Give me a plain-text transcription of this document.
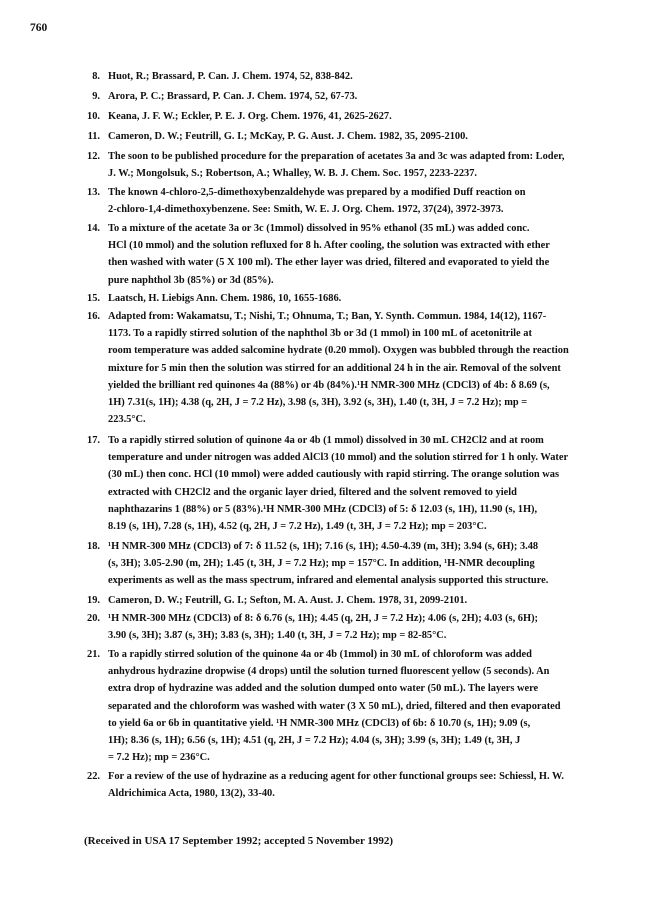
760
8. Huot, R.; Brassard, P. Can. J. Chem. 1974, 52, 838-842.
9. Arora, P. C.; Brassard, P. Can. J. Chem. 1974, 52, 67-73.
10. Keana, J. F. W.; Eckler, P. E. J. Org. Chem. 1976, 41, 2625-2627.
11. Cameron, D. W.; Feutrill, G. I.; McKay, P. G. Aust. J. Chem. 1982, 35, 2095-2100.
12. The soon to be published procedure for the preparation of acetates 3a and 3c was adapted from: Loder,
J. W.; Mongolsuk, S.; Robertson, A.; Whalley, W. B. J. Chem. Soc. 1957, 2233-2237.
13. The known 4-chloro-2,5-dimethoxybenzaldehyde was prepared by a modified Duff reaction on
2-chloro-1,4-dimethoxybenzene. See: Smith, W. E. J. Org. Chem. 1972, 37(24), 3972-3973.
14. To a mixture of the acetate 3a or 3c (1mmol) dissolved in 95% ethanol (35 mL) was added conc.
HCl (10 mmol) and the solution refluxed for 8 h. After cooling, the solution was extracted with ether
then washed with water (5 X 100 ml). The ether layer was dried, filtered and evaporated to yield the
pure naphthol 3b (85%) or 3d (85%).
15. Laatsch, H. Liebigs Ann. Chem. 1986, 10, 1655-1686.
16. Adapted from: Wakamatsu, T.; Nishi, T.; Ohnuma, T.; Ban, Y. Synth. Commun. 1984, 14(12), 1167-
1173. To a rapidly stirred solution of the naphthol 3b or 3d (1 mmol) in 100 mL of acetonitrile at
room temperature was added salcomine hydrate (0.20 mmol). Oxygen was bubbled through the reaction
mixture for 5 min then the solution was stirred for an additional 24 h in the air. Removal of the solvent
yielded the brilliant red quinones 4a (88%) or 4b (84%).¹H NMR-300 MHz (CDCl3) of 4b: δ 8.69 (s,
1H) 7.31(s, 1H); 4.38 (q, 2H, J = 7.2 Hz), 3.98 (s, 3H), 3.92 (s, 3H), 1.40 (t, 3H, J = 7.2 Hz); mp =
223.5°C.
17. To a rapidly stirred solution of quinone 4a or 4b (1 mmol) dissolved in 30 mL CH2Cl2 and at room
temperature and under nitrogen was added AlCl3 (10 mmol) and the solution stirred for 1 h only. Water
(30 mL) then conc. HCl (10 mmol) were added cautiously with rapid stirring. The orange solution was
extracted with CH2Cl2 and the organic layer dried, filtered and the solvent removed to yield
naphthazarins 1 (88%) or 5 (83%).¹H NMR-300 MHz (CDCl3) of 5: δ 12.03 (s, 1H), 11.90 (s, 1H),
8.19 (s, 1H), 7.28 (s, 1H), 4.52 (q, 2H, J = 7.2 Hz), 1.49 (t, 3H, J = 7.2 Hz); mp = 203°C.
18. ¹H NMR-300 MHz (CDCl3) of 7: δ 11.52 (s, 1H); 7.16 (s, 1H); 4.50-4.39 (m, 3H); 3.94 (s, 6H); 3.48
(s, 3H); 3.05-2.90 (m, 2H); 1.45 (t, 3H, J = 7.2 Hz); mp = 157°C. In addition, ¹H-NMR decoupling
experiments as well as the mass spectrum, infrared and elemental analysis supported this structure.
19. Cameron, D. W.; Feutrill, G. I.; Sefton, M. A. Aust. J. Chem. 1978, 31, 2099-2101.
20. ¹H NMR-300 MHz (CDCl3) of 8: δ 6.76 (s, 1H); 4.45 (q, 2H, J = 7.2 Hz); 4.06 (s, 2H); 4.03 (s, 6H);
3.90 (s, 3H); 3.87 (s, 3H); 3.83 (s, 3H); 1.40 (t, 3H, J = 7.2 Hz); mp = 82-85°C.
21. To a rapidly stirred solution of the quinone 4a or 4b (1mmol) in 30 mL of chloroform was added
anhydrous hydrazine dropwise (4 drops) until the solution turned fluorescent yellow (5 seconds). An
extra drop of hydrazine was added and the solution dumped onto water (50 mL). The layers were
separated and the chloroform was washed with water (3 X 50 mL), dried, filtered and then evaporated
to yield 6a or 6b in quantitative yield. ¹H NMR-300 MHz (CDCl3) of 6b: δ 10.70 (s, 1H); 9.09 (s,
1H); 8.36 (s, 1H); 6.56 (s, 1H); 4.51 (q, 2H, J = 7.2 Hz); 4.04 (s, 3H); 3.99 (s, 3H); 1.49 (t, 3H, J
= 7.2 Hz); mp = 236°C.
22. For a review of the use of hydrazine as a reducing agent for other functional groups see: Schiessl, H. W.
Aldrichimica Acta, 1980, 13(2), 33-40.
(Received in USA 17 September 1992; accepted 5 November 1992)
